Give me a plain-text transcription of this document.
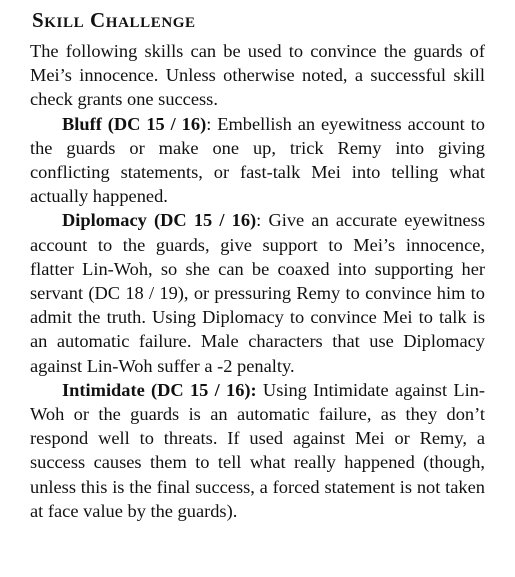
Skill Challenge

The following skills can be used to convince the guards of Mei’s innocence. Unless otherwise noted, a successful skill check grants one success.

Bluff (DC 15 / 16): Embellish an eyewitness account to the guards or make one up, trick Remy into giving conflicting statements, or fast-talk Mei into telling what actually happened.

Diplomacy (DC 15 / 16): Give an accurate eyewitness account to the guards, give support to Mei’s innocence, flatter Lin-Woh, so she can be coaxed into supporting her servant (DC 18 / 19), or pressuring Remy to convince him to admit the truth. Using Diplomacy to convince Mei to talk is an automatic failure. Male characters that use Diplomacy against Lin-Woh suffer a -2 penalty.

Intimidate (DC 15 / 16): Using Intimidate against Lin-Woh or the guards is an automatic failure, as they don’t respond well to threats. If used against Mei or Remy, a success causes them to tell what really happened (though, unless this is the final success, a forced statement is not taken at face value by the guards).
